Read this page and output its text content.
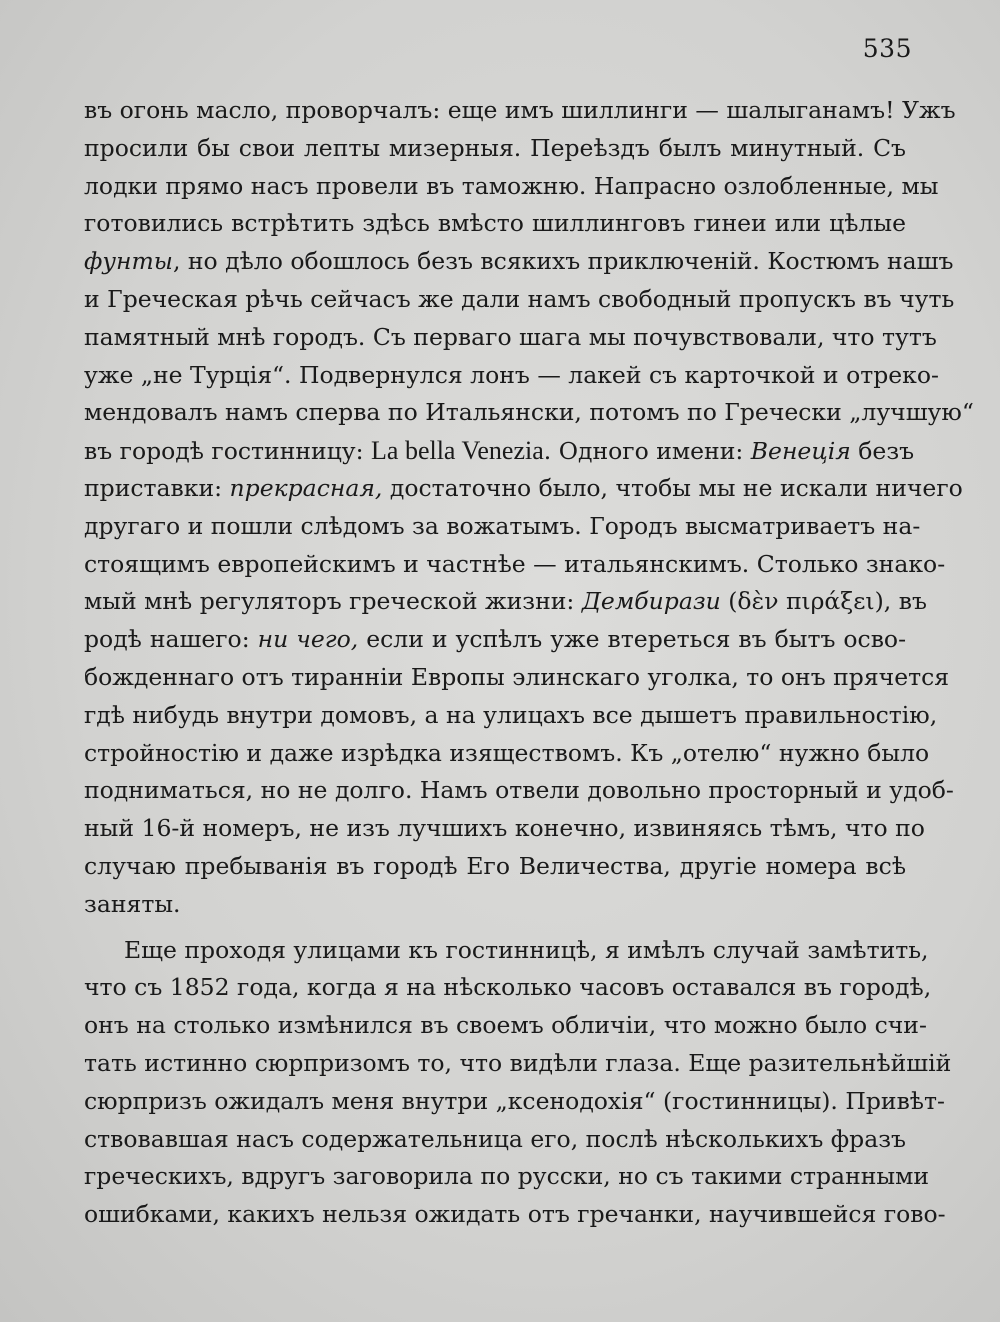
535
въ огонь масло, проворчалъ: еще имъ шиллинги — шалыганамъ! Ужъ
просили бы свои лепты мизерныя. Переѣздъ былъ минутный. Съ
лодки прямо насъ провели въ таможню. Напрасно озлобленные, мы
готовились встрѣтить здѣсь вмѣсто шиллинговъ гинеи или цѣлые
фунты, но дѣло обошлось безъ всякихъ приключеній. Костюмъ нашъ
и Греческая рѣчь сейчасъ же дали намъ свободный пропускъ въ чуть
памятный мнѣ городъ. Съ перваго шага мы почувствовали, что тутъ
уже „не Турція“. Подвернулся лонъ — лакей съ карточкой и отреко-
мендовалъ намъ сперва по Итальянски, потомъ по Гречески „лучшую“
въ городѣ гостинницу: La bella Venezia. Одного имени: Венеція безъ
приставки: прекрасная, достаточно было, чтобы мы не искали ничего
другаго и пошли слѣдомъ за вожатымъ. Городъ высматриваетъ на-
стоящимъ европейскимъ и частнѣе — итальянскимъ. Столько знако-
мый мнѣ регуляторъ греческой жизни: Дембирази (δὲν πιράξει), въ
родѣ нашего: ни чего, если и успѣлъ уже втереться въ бытъ осво-
божденнаго отъ тиранніи Европы элинскаго уголка, то онъ прячется
гдѣ нибудь внутри домовъ, а на улицахъ все дышетъ правильностію,
стройностію и даже изрѣдка изяществомъ. Къ „отелю“ нужно было
подниматься, но не долго. Намъ отвели довольно просторный и удоб-
ный 16-й номеръ, не изъ лучшихъ конечно, извиняясь тѣмъ, что по
случаю пребыванія въ городѣ Его Величества, другіе номера всѣ
заняты.
Еще проходя улицами къ гостинницѣ, я имѣлъ случай замѣтить,
что съ 1852 года, когда я на нѣсколько часовъ оставался въ городѣ,
онъ на столько измѣнился въ своемъ обличіи, что можно было счи-
тать истинно сюрпризомъ то, что видѣли глаза. Еще разительнѣйшій
сюрпризъ ожидалъ меня внутри „ксенодохія“ (гостинницы). Привѣт-
ствовавшая насъ содержательница его, послѣ нѣсколькихъ фразъ
греческихъ, вдругъ заговорила по русски, но съ такими странными
ошибками, какихъ нельзя ожидать отъ гречанки, научившейся гово-
